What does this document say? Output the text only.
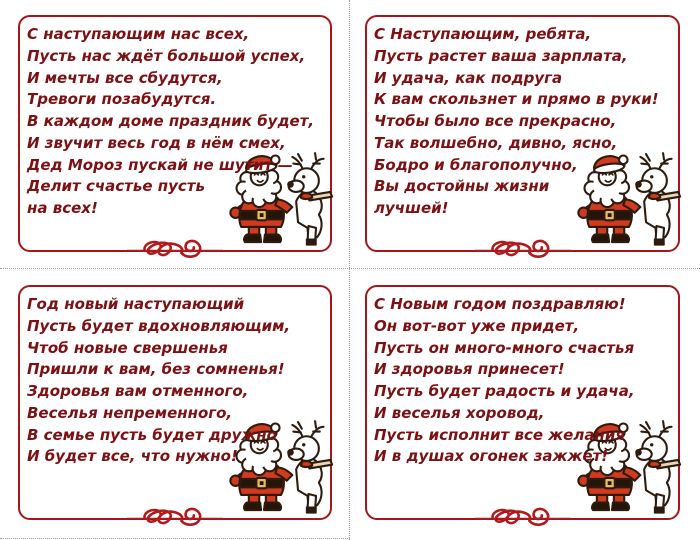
С наступающим нас всех,
Пусть нас ждёт большой успех,
И мечты все сбудутся,
Тревоги позабудутся.
В каждом доме праздник будет,
И звучит весь год в нём смех,
Дед Мороз пускай не шутит —
Делит счастье пусть
на всех!
С Наступающим, ребята,
Пусть растет ваша зарплата,
И удача, как подруга
К вам скользнет и прямо в руки!
Чтобы было все прекрасно,
Так волшебно, дивно, ясно,
Бодро и благополучно,
Вы достойны жизни
лучшей!
Год новый наступающий
Пусть будет вдохновляющим,
Чтоб новые свершенья
Пришли к вам, без сомненья!
Здоровья вам отменного,
Веселья непременного,
В семье пусть будет дружно
И будет все, что нужно!
С Новым годом поздравляю!
Он вот-вот уже придет,
Пусть он много-много счастья
И здоровья принесет!
Пусть будет радость и удача,
И веселья хоровод,
Пусть исполнит все желания
И в душах огонек зажжет!
